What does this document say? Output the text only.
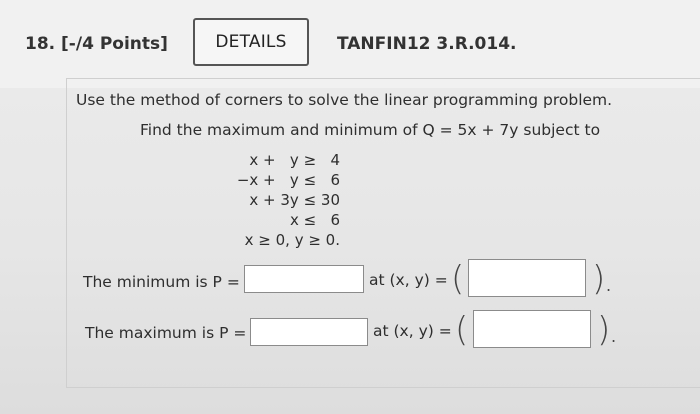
18. [-/4 Points]	DETAILS	TANFIN12 3.R.014.
Use the method of corners to solve the linear programming problem.
Find the maximum and minimum of Q = 5x + 7y subject to
x +   y ≥   4
−x +   y ≤   6
x + 3y ≤ 30
x ≤   6
x ≥ 0, y ≥ 0.
The minimum is P =	at (x, y) = (	) .
The maximum is P =	at (x, y) = (	) .
